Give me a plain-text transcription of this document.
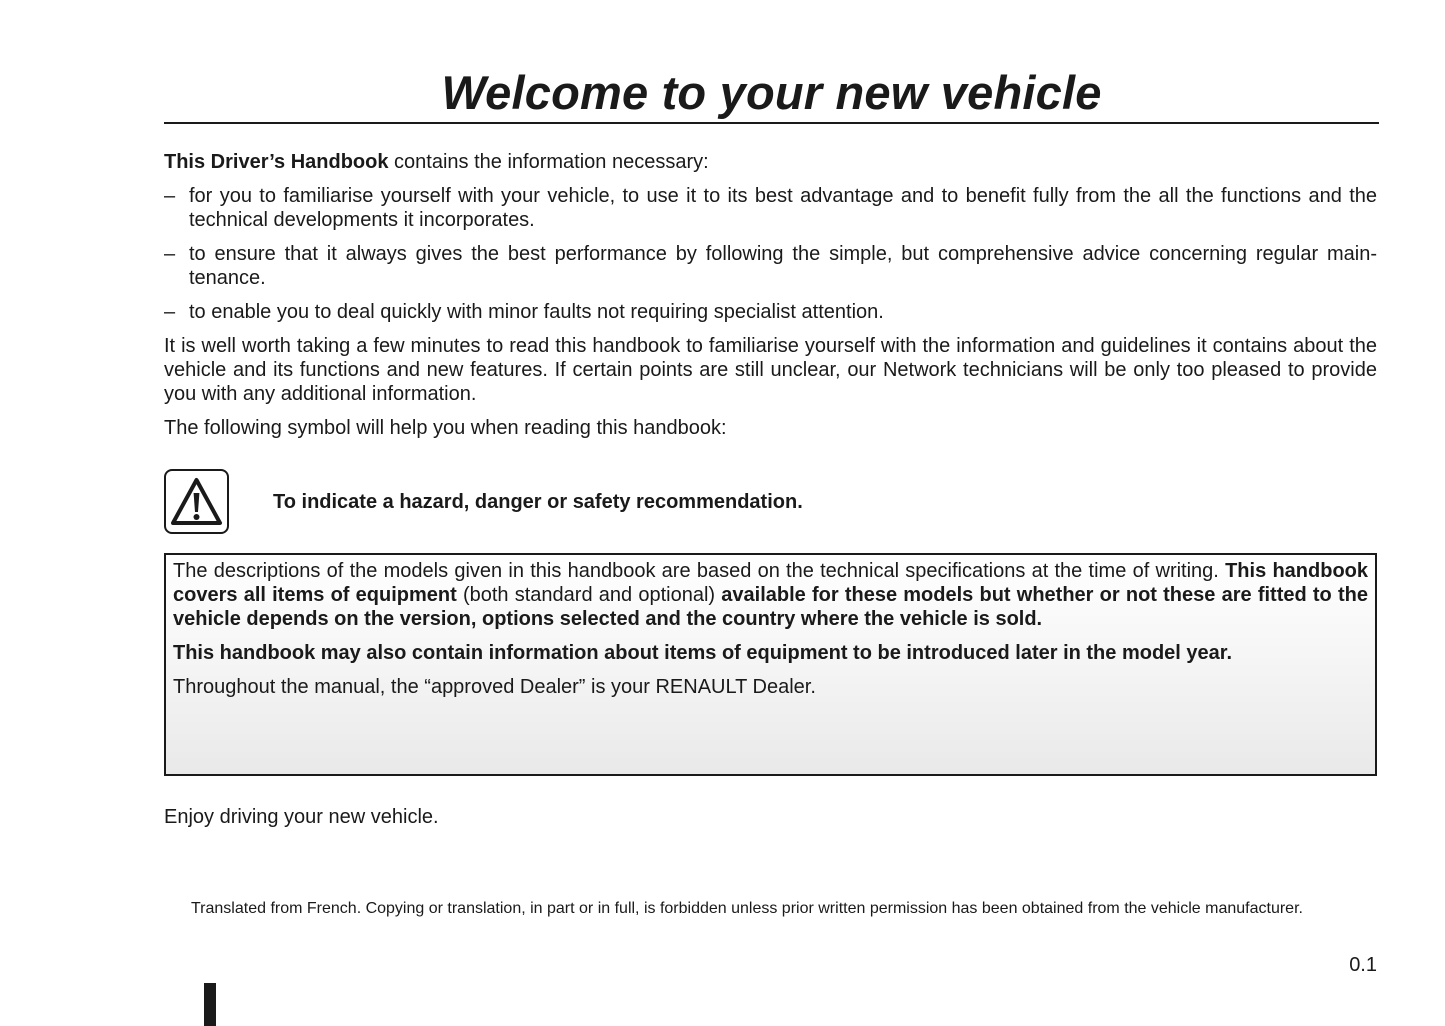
Welcome to your new vehicle

This Driver’s Handbook contains the information necessary:

– for you to familiarise yourself with your vehicle, to use it to its best advantage and to benefit fully from the all the functions and the technical developments it incorporates.
– to ensure that it always gives the best performance by following the simple, but comprehensive advice concerning regular maintenance.
– to enable you to deal quickly with minor faults not requiring specialist attention.

It is well worth taking a few minutes to read this handbook to familiarise yourself with the information and guidelines it contains about the vehicle and its functions and new features. If certain points are still unclear, our Network technicians will be only too pleased to provide you with any additional information.

The following symbol will help you when reading this handbook:

To indicate a hazard, danger or safety recommendation.

The descriptions of the models given in this handbook are based on the technical specifications at the time of writing. This handbook covers all items of equipment (both standard and optional) available for these models but whether or not these are fitted to the vehicle depends on the version, options selected and the country where the vehicle is sold.

This handbook may also contain information about items of equipment to be introduced later in the model year.

Throughout the manual, the “approved Dealer” is your RENAULT Dealer.

Enjoy driving your new vehicle.

Translated from French. Copying or translation, in part or in full, is forbidden unless prior written permission has been obtained from the vehicle manufacturer.

0.1
